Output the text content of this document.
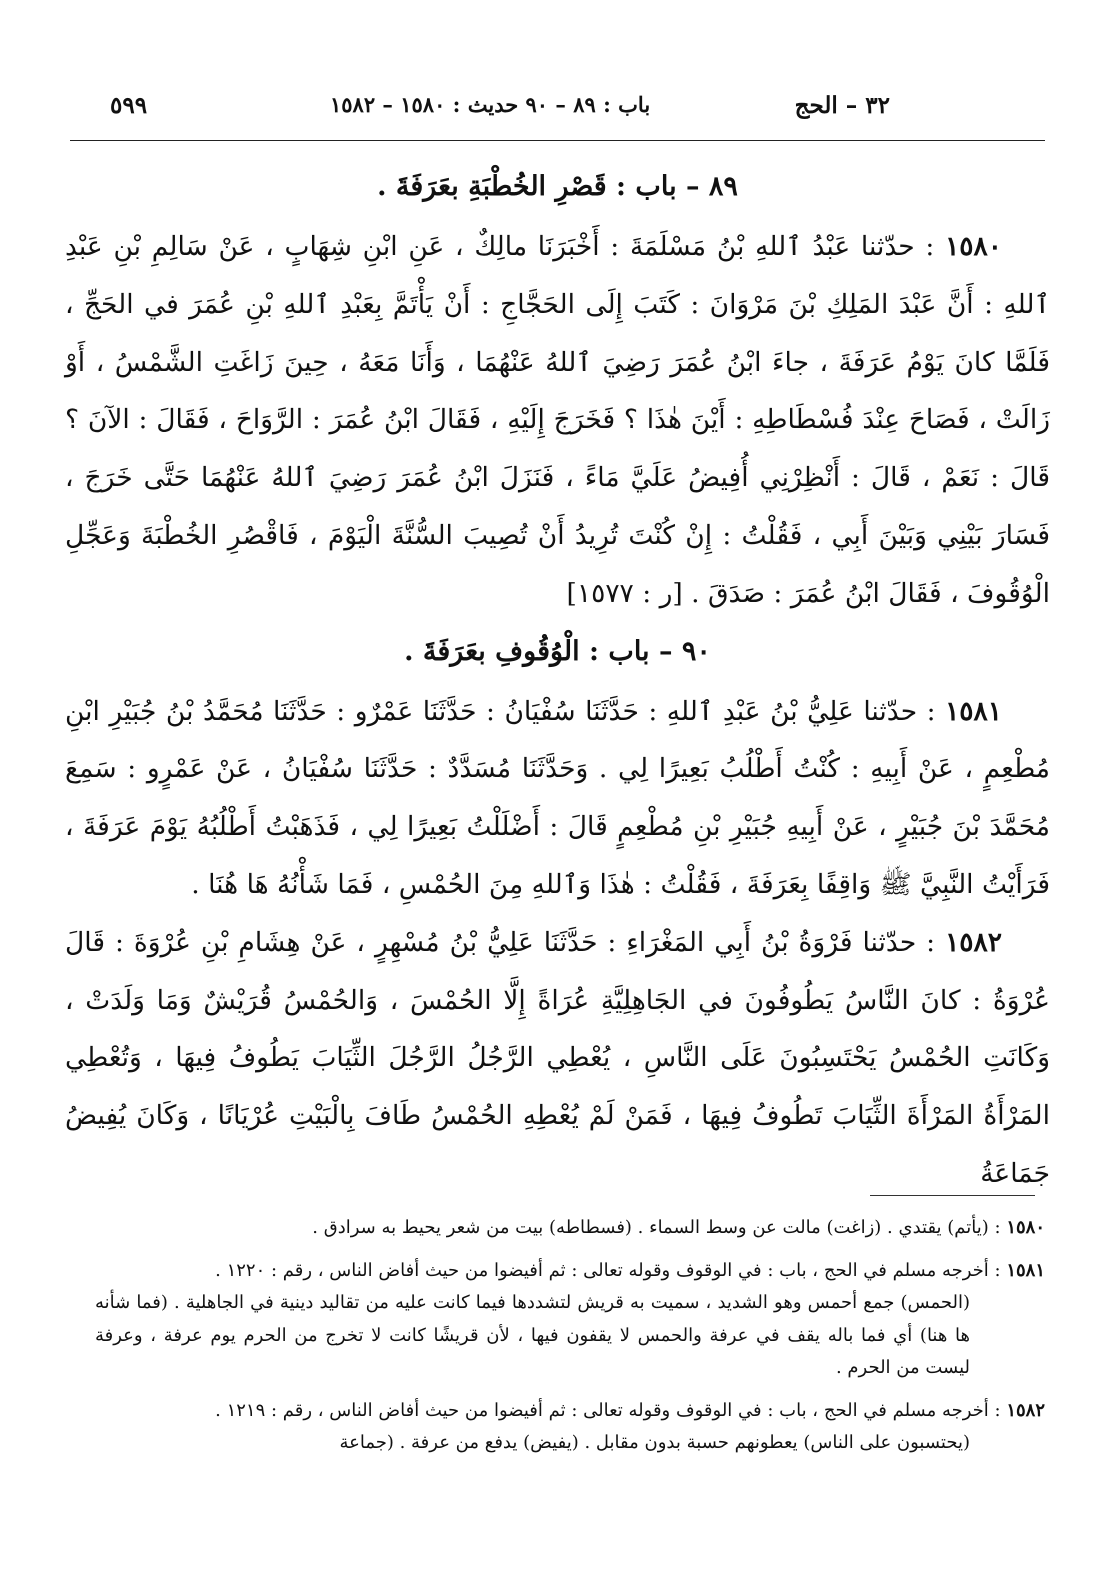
٣٢ – الحج
باب : ٨٩ – ٩٠ حديث : ١٥٨٠ – ١٥٨٢
٥٩٩
٨٩ – باب : قَصْرِ الخُطْبَةِ بعَرَفَةَ .

١٥٨٠ : حدّثنا عَبْدُ ٱللهِ بْنُ مَسْلَمَةَ : أَخْبَرَنَا مالِكٌ ، عَنِ ابْنِ شِهَابٍ ، عَنْ سَالِمِ بْنِ عَبْدِ ٱللهِ : أَنَّ عَبْدَ المَلِكِ بْنَ مَرْوَانَ : كَتَبَ إِلَى الحَجَّاجِ : أَنْ يَأْتَمَّ بِعَبْدِ ٱللهِ بْنِ عُمَرَ في الحَجِّ ، فَلَمَّا كانَ يَوْمُ عَرَفَةَ ، جاءَ ابْنُ عُمَرَ رَضِيَ ٱللهُ عَنْهُمَا ، وَأَنَا مَعَهُ ، حِينَ زَاغَتِ الشَّمْسُ ، أَوْ زَالَتْ ، فَصَاحَ عِنْدَ فُسْطَاطِهِ : أَيْنَ هٰذَا ؟ فَخَرَجَ إِلَيْهِ ، فَقَالَ ابْنُ عُمَرَ : الرَّوَاحَ ، فَقَالَ : الآنَ ؟ قَالَ : نَعَمْ ، قَالَ : أَنْظِرْنِي أُفِيضُ عَلَيَّ مَاءً ، فَنَزَلَ ابْنُ عُمَرَ رَضِيَ ٱللهُ عَنْهُمَا حَتَّى خَرَجَ ، فَسَارَ بَيْنِي وَبَيْنَ أَبِي ، فَقُلْتُ : إِنْ كُنْتَ تُرِيدُ أَنْ تُصِيبَ السُّنَّةَ الْيَوْمَ ، فَاقْصُرِ الخُطْبَةَ وَعَجِّلِ الْوُقُوفَ ، فَقَالَ ابْنُ عُمَرَ : صَدَقَ . [ر : ١٥٧٧]

٩٠ – باب : الْوُقُوفِ بعَرَفَةَ .

١٥٨١ : حدّثنا عَلِيُّ بْنُ عَبْدِ ٱللهِ : حَدَّثَنَا سُفْيَانُ : حَدَّثَنَا عَمْرٌو : حَدَّثَنَا مُحَمَّدُ بْنُ جُبَيْرِ ابْنِ مُطْعِمٍ ، عَنْ أَبِيهِ : كُنْتُ أَطْلُبُ بَعِيرًا لِي . وَحَدَّثَنَا مُسَدَّدٌ : حَدَّثَنَا سُفْيَانُ ، عَنْ عَمْرٍو : سَمِعَ مُحَمَّدَ بْنَ جُبَيْرٍ ، عَنْ أَبِيهِ جُبَيْرِ بْنِ مُطْعِمٍ قَالَ : أَضْلَلْتُ بَعِيرًا لِي ، فَذَهَبْتُ أَطْلُبُهُ يَوْمَ عَرَفَةَ ، فَرَأَيْتُ النَّبِيَّ ﷺ وَاقِفًا بِعَرَفَةَ ، فَقُلْتُ : هٰذَا وَٱللهِ مِنَ الحُمْسِ ، فَمَا شَأْنُهُ هَا هُنَا .

١٥٨٢ : حدّثنا فَرْوَةُ بْنُ أَبِي المَغْرَاءِ : حَدَّثَنَا عَلِيُّ بْنُ مُسْهِرٍ ، عَنْ هِشَامِ بْنِ عُرْوَةَ : قَالَ عُرْوَةُ : كانَ النَّاسُ يَطُوفُونَ في الجَاهِلِيَّةِ عُرَاةً إِلَّا الحُمْسَ ، وَالحُمْسُ قُرَيْشٌ وَمَا وَلَدَتْ ، وَكَانَتِ الحُمْسُ يَحْتَسِبُونَ عَلَى النَّاسِ ، يُعْطِي الرَّجُلُ الرَّجُلَ الثِّيَابَ يَطُوفُ فِيهَا ، وَتُعْطِي المَرْأَةُ المَرْأَةَ الثِّيَابَ تَطُوفُ فِيهَا ، فَمَنْ لَمْ يُعْطِهِ الحُمْسُ طَافَ بِالْبَيْتِ عُرْيَانًا ، وَكَانَ يُفِيضُ جَمَاعَةُ

١٥٨٠ : (يأتم) يقتدي . (زاغت) مالت عن وسط السماء . (فسطاطه) بيت من شعر يحيط به سرادق .
١٥٨١ : أخرجه مسلم في الحج ، باب : في الوقوف وقوله تعالى : ثم أفيضوا من حيث أفاض الناس ، رقم : ١٢٢٠ .
(الحمس) جمع أحمس وهو الشديد ، سميت به قريش لتشددها فيما كانت عليه من تقاليد دينية في الجاهلية . (فما شأنه ها هنا) أي فما باله يقف في عرفة والحمس لا يقفون فيها ، لأن قريشًا كانت لا تخرج من الحرم يوم عرفة ، وعرفة ليست من الحرم .
١٥٨٢ : أخرجه مسلم في الحج ، باب : في الوقوف وقوله تعالى : ثم أفيضوا من حيث أفاض الناس ، رقم : ١٢١٩ .
(يحتسبون على الناس) يعطونهم حسبة بدون مقابل . (يفيض) يدفع من عرفة . (جماعة
